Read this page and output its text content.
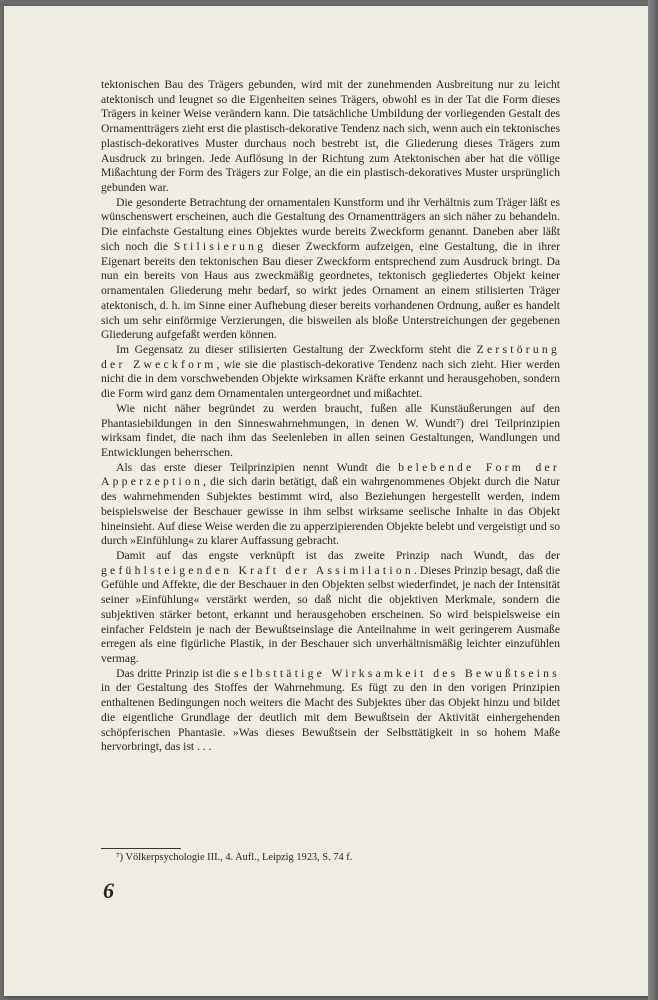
tektonischen Bau des Trägers gebunden, wird mit der zunehmenden Ausbreitung nur zu leicht atektonisch und leugnet so die Eigenheiten seines Trägers, obwohl es in der Tat die Form dieses Trägers in keiner Weise verändern kann. Die tatsächliche Umbildung der vorliegenden Gestalt des Ornamentträgers zieht erst die plastisch-dekorative Tendenz nach sich, wenn auch ein tektonisches plastisch-dekoratives Muster durchaus noch bestrebt ist, die Gliederung dieses Trägers zum Ausdruck zu bringen. Jede Auflösung in der Richtung zum Atektonischen aber hat die völlige Mißachtung der Form des Trägers zur Folge, an die ein plastisch-dekoratives Muster ursprünglich gebunden war.

Die gesonderte Betrachtung der ornamentalen Kunstform und ihr Verhältnis zum Träger läßt es wünschenswert erscheinen, auch die Gestaltung des Ornamentträgers an sich näher zu behandeln. Die einfachste Gestaltung eines Objektes wurde bereits Zweckform genannt. Daneben aber läßt sich noch die Stilisierung dieser Zweckform aufzeigen, eine Gestaltung, die in ihrer Eigenart bereits den tektonischen Bau dieser Zweckform entsprechend zum Ausdruck bringt. Da nun ein bereits von Haus aus zweckmäßig geordnetes, tektonisch gegliedertes Objekt keiner ornamentalen Gliederung mehr bedarf, so wirkt jedes Ornament an einem stilisierten Träger atektonisch, d. h. im Sinne einer Aufhebung dieser bereits vorhandenen Ordnung, außer es handelt sich um sehr einförmige Verzierungen, die bisweilen als bloße Unterstreichungen der gegebenen Gliederung aufgefaßt werden können.

Im Gegensatz zu dieser stilisierten Gestaltung der Zweckform steht die Zerstörung der Zweckform, wie sie die plastisch-dekorative Tendenz nach sich zieht. Hier werden nicht die in dem vorschwebenden Objekte wirksamen Kräfte erkannt und herausgehoben, sondern die Form wird ganz dem Ornamentalen untergeordnet und mißachtet.

Wie nicht näher begründet zu werden braucht, fußen alle Kunstäußerungen auf den Phantasiebildungen in den Sinneswahrnehmungen, in denen W. Wundt⁷) drei Teilprinzipien wirksam findet, die nach ihm das Seelenleben in allen seinen Gestaltungen, Wandlungen und Entwicklungen beherrschen.

Als das erste dieser Teilprinzipien nennt Wundt die belebende Form der Apperzeption, die sich darin betätigt, daß ein wahrgenommenes Objekt durch die Natur des wahrnehmenden Subjektes bestimmt wird, also Beziehungen hergestellt werden, indem beispielsweise der Beschauer gewisse in ihm selbst wirksame seelische Inhalte in das Objekt hineinsieht. Auf diese Weise werden die zu apperzipierenden Objekte belebt und vergeistigt und so durch »Einfühlung« zu klarer Auffassung gebracht.

Damit auf das engste verknüpft ist das zweite Prinzip nach Wundt, das der gefühlsteigenden Kraft der Assimilation. Dieses Prinzip besagt, daß die Gefühle und Affekte, die der Beschauer in den Objekten selbst wiederfindet, je nach der Intensität seiner »Einfühlung« verstärkt werden, so daß nicht die objektiven Merkmale, sondern die subjektiven stärker betont, erkannt und herausgehoben erscheinen. So wird beispielsweise ein einfacher Feldstein je nach der Bewußtseinslage die Anteilnahme in weit geringerem Ausmaße erregen als eine figürliche Plastik, in der Beschauer sich unverhältnismäßig leichter einzufühlen vermag.

Das dritte Prinzip ist die selbsttätige Wirksamkeit des Bewußtseins in der Gestaltung des Stoffes der Wahrnehmung. Es fügt zu den in den vorigen Prinzipien enthaltenen Bedingungen noch weiters die Macht des Subjektes über das Objekt hinzu und bildet die eigentliche Grundlage der deutlich mit dem Bewußtsein der Aktivität einhergehenden schöpferischen Phantasie. »Was dieses Bewußtsein der Selbsttätigkeit in so hohem Maße hervorbringt, das ist . . .

⁷) Völkerpsychologie III., 4. Aufl., Leipzig 1923, S. 74 f.
6
